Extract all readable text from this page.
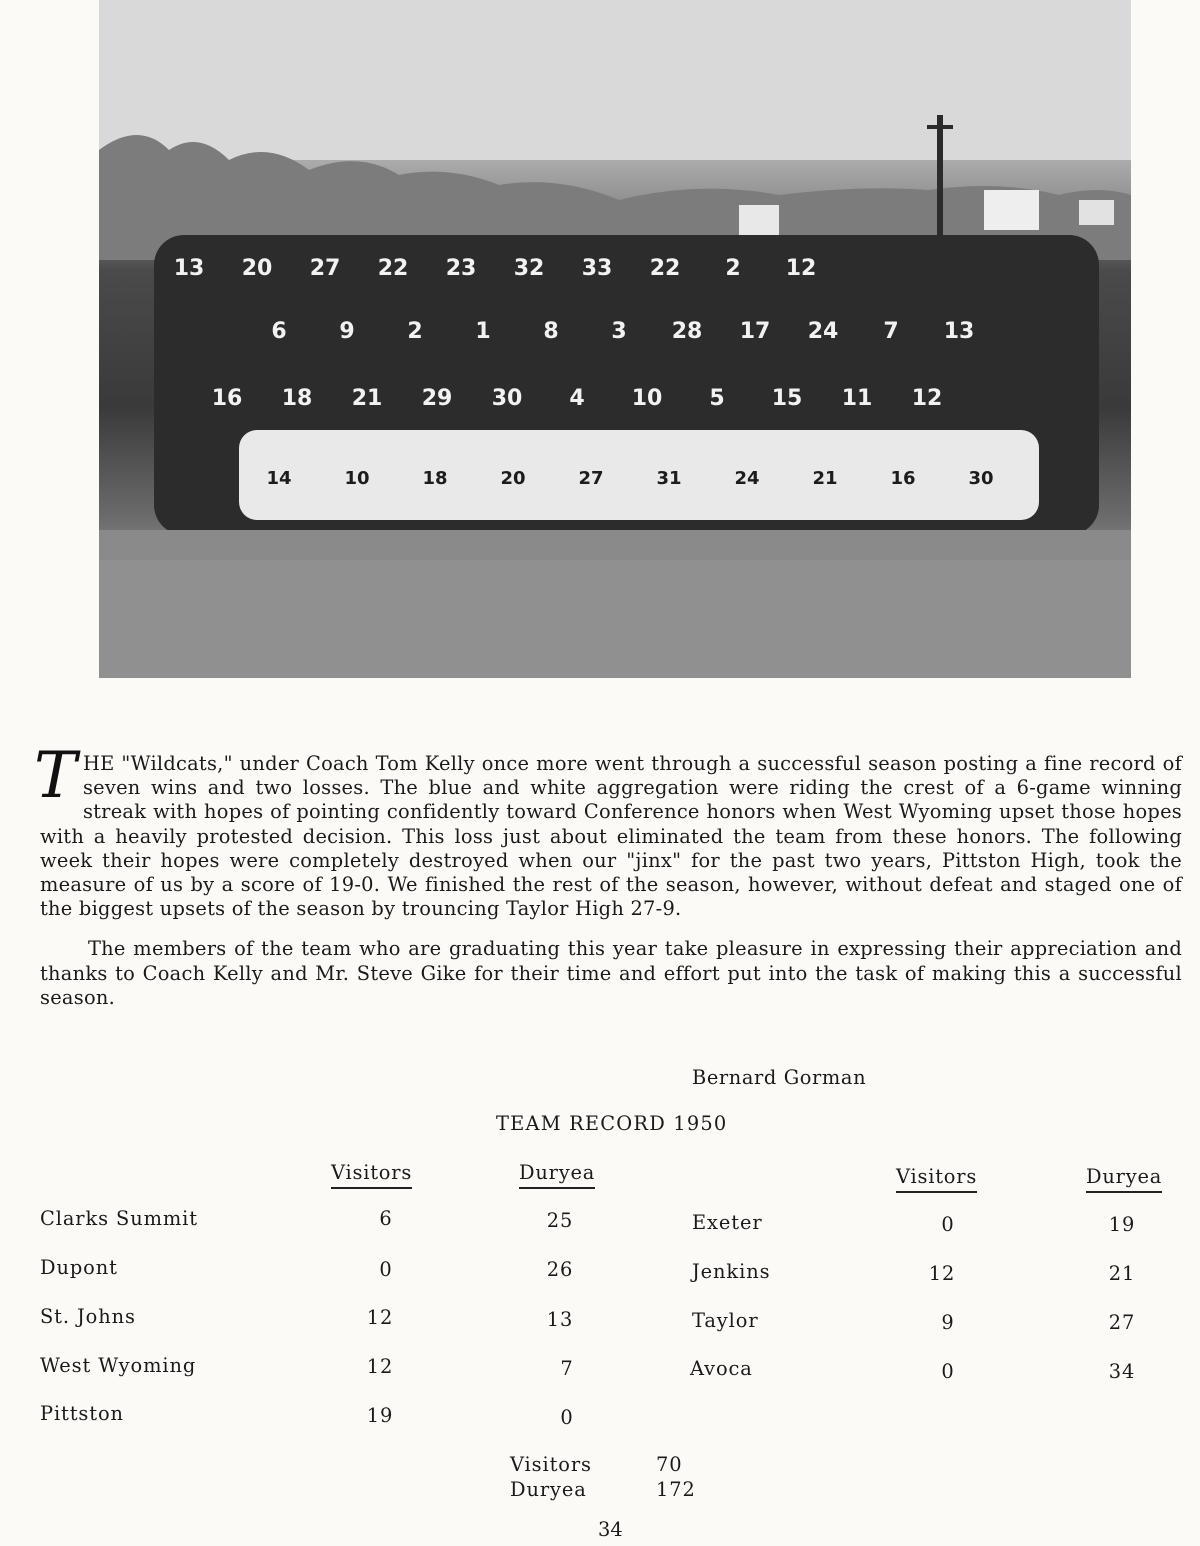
13 20 27 22 23 32 33 22 2 12
6 9 2 1 8 3 28 17 24 7 13
16 18 21 29 30 4 10 5 15 11 12
14	10	18	20	27	31	24	21	16	30

THE "Wildcats," under Coach Tom Kelly once more went through a successful season posting a fine record of seven wins and two losses. The blue and white aggregation were riding the crest of a 6-game winning streak with hopes of pointing confidently toward Conference honors when West Wyoming upset those hopes with a heavily protested decision. This loss just about eliminated the team from these honors. The following week their hopes were completely destroyed when our "jinx" for the past two years, Pittston High, took the measure of us by a score of 19-0. We finished the rest of the season, however, without defeat and staged one of the biggest upsets of the season by trouncing Taylor High 27-9.

The members of the team who are graduating this year take pleasure in expressing their appreciation and thanks to Coach Kelly and Mr. Steve Gike for their time and effort put into the task of making this a successful season.

Bernard Gorman
TEAM RECORD 1950
Visitors	Duryea	Visitors	Duryea
Clarks Summit	6	25
Dupont	0	26
St. Johns	12	13
West Wyoming	12	7
Pittston	19	0
Exeter	0	19
Jenkins	12	21
Taylor	9	27
Avoca	0	34
Visitors	70
Duryea	172
34
